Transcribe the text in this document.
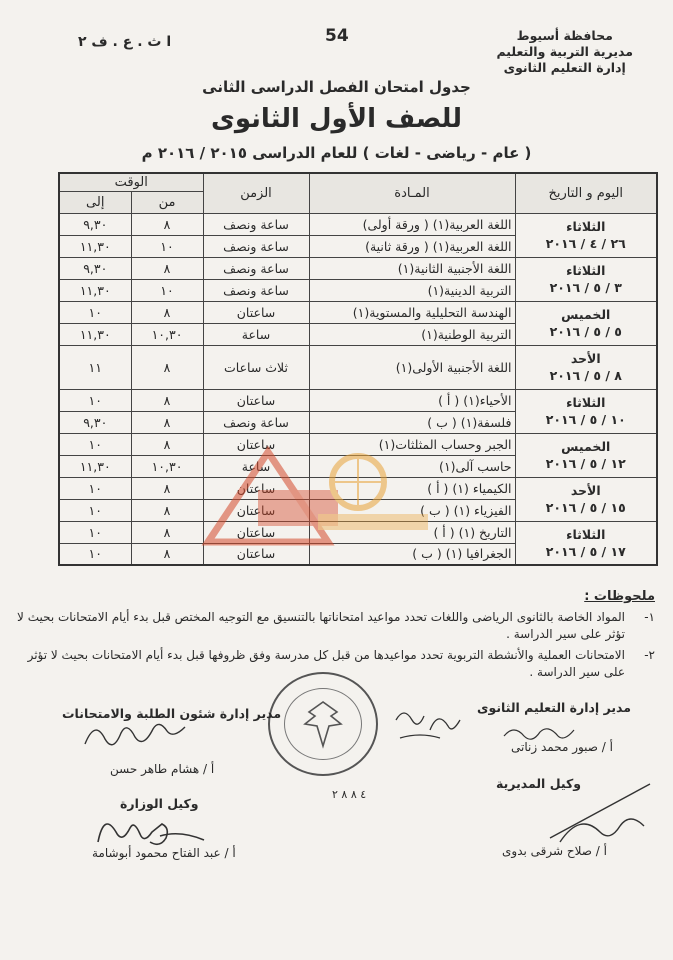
54
ا ث . ع . ف ٢	محافظة أسيوط
مديرية التربية والتعليم
إدارة التعليم الثانوى
جدول امتحان الفصل الدراسى الثانى
للصف الأول الثانوى
( عام - رياضى - لغات ) للعام الدراسى ٢٠١٥ / ٢٠١٦ م
اليوم و التاريخ	المـادة	الزمن	الوقت	
			من	إلى

الثلاثاء
٢٦ / ٤ / ٢٠١٦	اللغة العربية(١) ( ورقة أولى)	ساعة ونصف	٨	٩,٣٠
	اللغة العربية(١) ( ورقة ثانية)	ساعة ونصف	١٠	١١,٣٠

الثلاثاء
٣ / ٥ / ٢٠١٦	اللغة الأجنبية الثانية(١)	ساعة ونصف	٨	٩,٣٠
	التربية الدينية(١)	ساعة ونصف	١٠	١١,٣٠

الخميس
٥ / ٥ / ٢٠١٦	الهندسة التحليلية والمستوية(١)	ساعتان	٨	١٠
	التربية الوطنية(١)	ساعة	١٠,٣٠	١١,٣٠

الأحد
٨ / ٥ / ٢٠١٦	اللغة الأجنبية الأولى(١)	ثلاث ساعات	٨	١١

الثلاثاء
١٠ / ٥ / ٢٠١٦	الأحياء(١) ( أ )	ساعتان	٨	١٠
	فلسفة(١) ( ب )	ساعة ونصف	٨	٩,٣٠

الخميس
١٢ / ٥ / ٢٠١٦	الجبر وحساب المثلثات(١)	ساعتان	٨	١٠
	حاسب آلى(١)	ساعة	١٠,٣٠	١١,٣٠

الأحد
١٥ / ٥ / ٢٠١٦	الكيمياء (١) ( أ )	ساعتان	٨	١٠
	الفيزياء (١) ( ب )	ساعتان	٨	١٠

الثلاثاء
١٧ / ٥ / ٢٠١٦	التاريخ (١) ( أ )	ساعتان	٨	١٠
	الجغرافيا (١) ( ب )	ساعتان	٨	١٠
ملحوظات :
١-
المواد الخاصة بالثانوى الرياضى واللغات تحدد مواعيد امتحاناتها بالتنسيق مع التوجيه المختص قبل بدء أيام الامتحانات بحيث لا تؤثر على سير الدراسة .
٢-
الامتحانات العملية والأنشطة التربوية تحدد مواعيدها من قبل كل مدرسة وفق ظروفها قبل بدء أيام الامتحانات بحيث لا تؤثر على سير الدراسة .
مدير إدارة التعليم الثانوى
أ / صبور محمد زناتى
وكيل المديرية
أ / صلاح شرقى بدوى
مدير إدارة شئون الطلبة والامتحانات
أ / هشام طاهر حسن
وكيل الوزارة
أ / عبد الفتاح محمود أبوشامة
٤ ٨ ٨ ٢
